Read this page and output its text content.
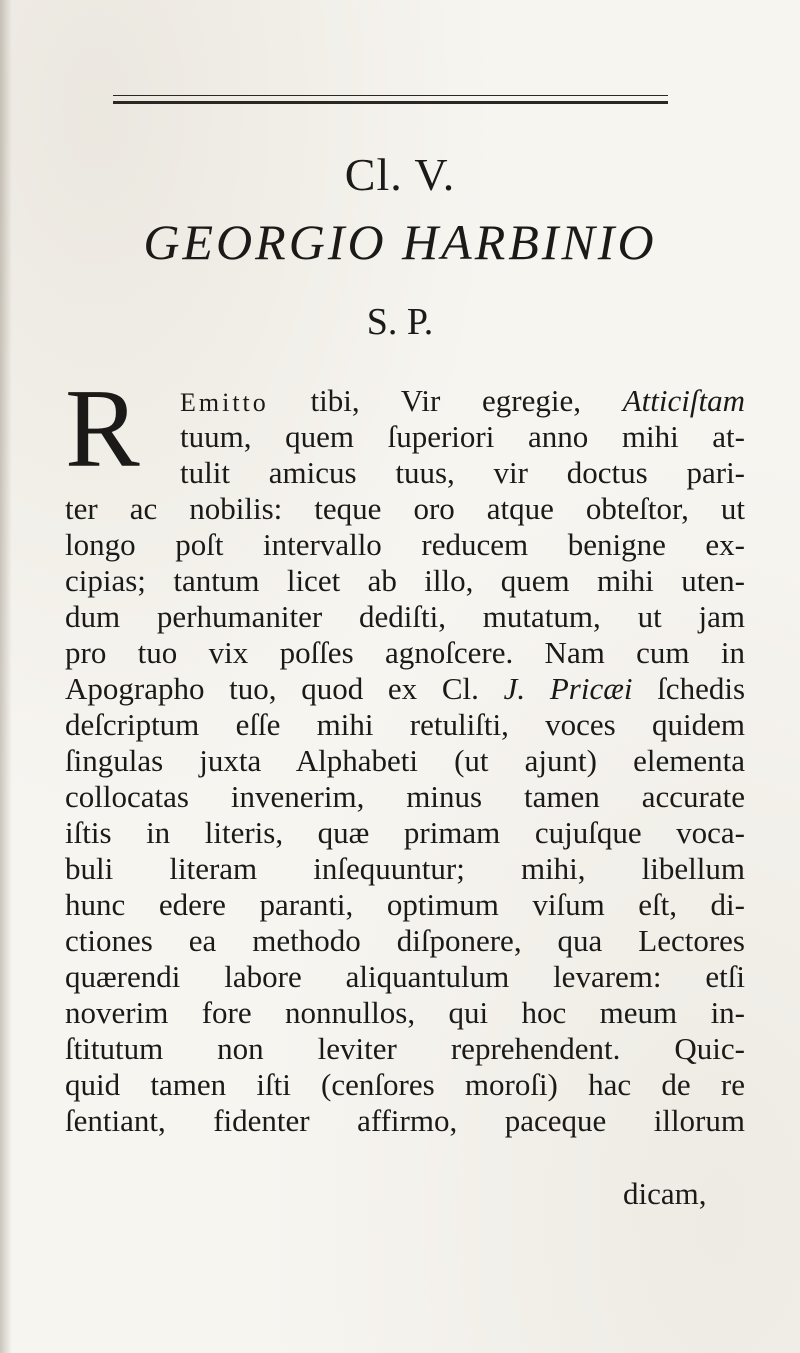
Cl. V.
GEORGIO HARBINIO
S. P.
R Emitto tibi, Vir egregie, Atticiſtam
tuum, quem ſuperiori anno mihi at-
tulit amicus tuus, vir doctus pari-
ter ac nobilis: teque oro atque obteſtor, ut
longo poſt intervallo reducem benigne ex-
cipias; tantum licet ab illo, quem mihi uten-
dum perhumaniter dediſti, mutatum, ut jam
pro tuo vix poſſes agnoſcere. Nam cum in
Apographo tuo, quod ex Cl. J. Pricæi ſchedis
deſcriptum eſſe mihi retuliſti, voces quidem
ſingulas juxta Alphabeti (ut ajunt) elementa
collocatas invenerim, minus tamen accurate
iſtis in literis, quæ primam cujuſque voca-
buli literam inſequuntur; mihi, libellum
hunc edere paranti, optimum viſum eſt, di-
ctiones ea methodo diſponere, qua Lectores
quærendi labore aliquantulum levarem: etſi
noverim fore nonnullos, qui hoc meum in-
ſtitutum non leviter reprehendent. Quic-
quid tamen iſti (cenſores moroſi) hac de re
ſentiant, fidenter affirmo, paceque illorum
dicam,
